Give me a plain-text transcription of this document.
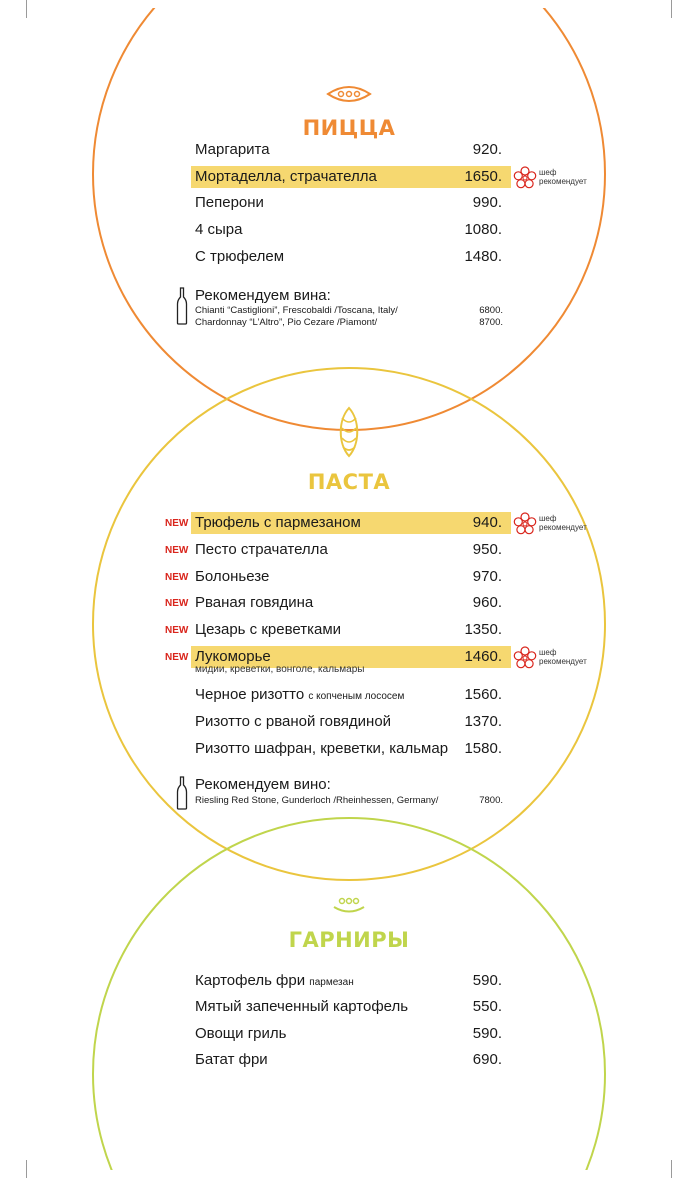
ПИЦЦА
ПАСТА
ГАРНИРЫ
Маргарита	920.
Мортаделла, страчателла	1650.	шеф
рекомендует
Пеперони	990.
4 сыра	1080.
С трюфелем	1480.
Рекомендуем вина:
Chianti “Castiglioni”, Frescobaldi /Toscana, Italy/	6800.
Chardonnay “L’Altro”, Pio Cezare /Piamont/	8700.
NEW Трюфель с пармезаном	940.	шеф
рекомендует
NEW Песто страчателла	950.
NEW Болоньезе	970.
NEW Рваная говядина	960.
NEW Цезарь с креветками	1350.
NEW Лукоморье	1460.
мидии, креветки, вонголе, кальмары
шеф
рекомендует
Черное ризотто с копченым лососем	1560.
Ризотто с рваной говядиной	1370.
Ризотто шафран, креветки, кальмар 1580.
Рекомендуем вино:
Riesling Red Stone, Gunderloch /Rheinhessen, Germany/	7800.
Картофель фри пармезан	590.
Мятый запеченный картофель	550.
Овощи гриль	590.
Батат фри	690.
